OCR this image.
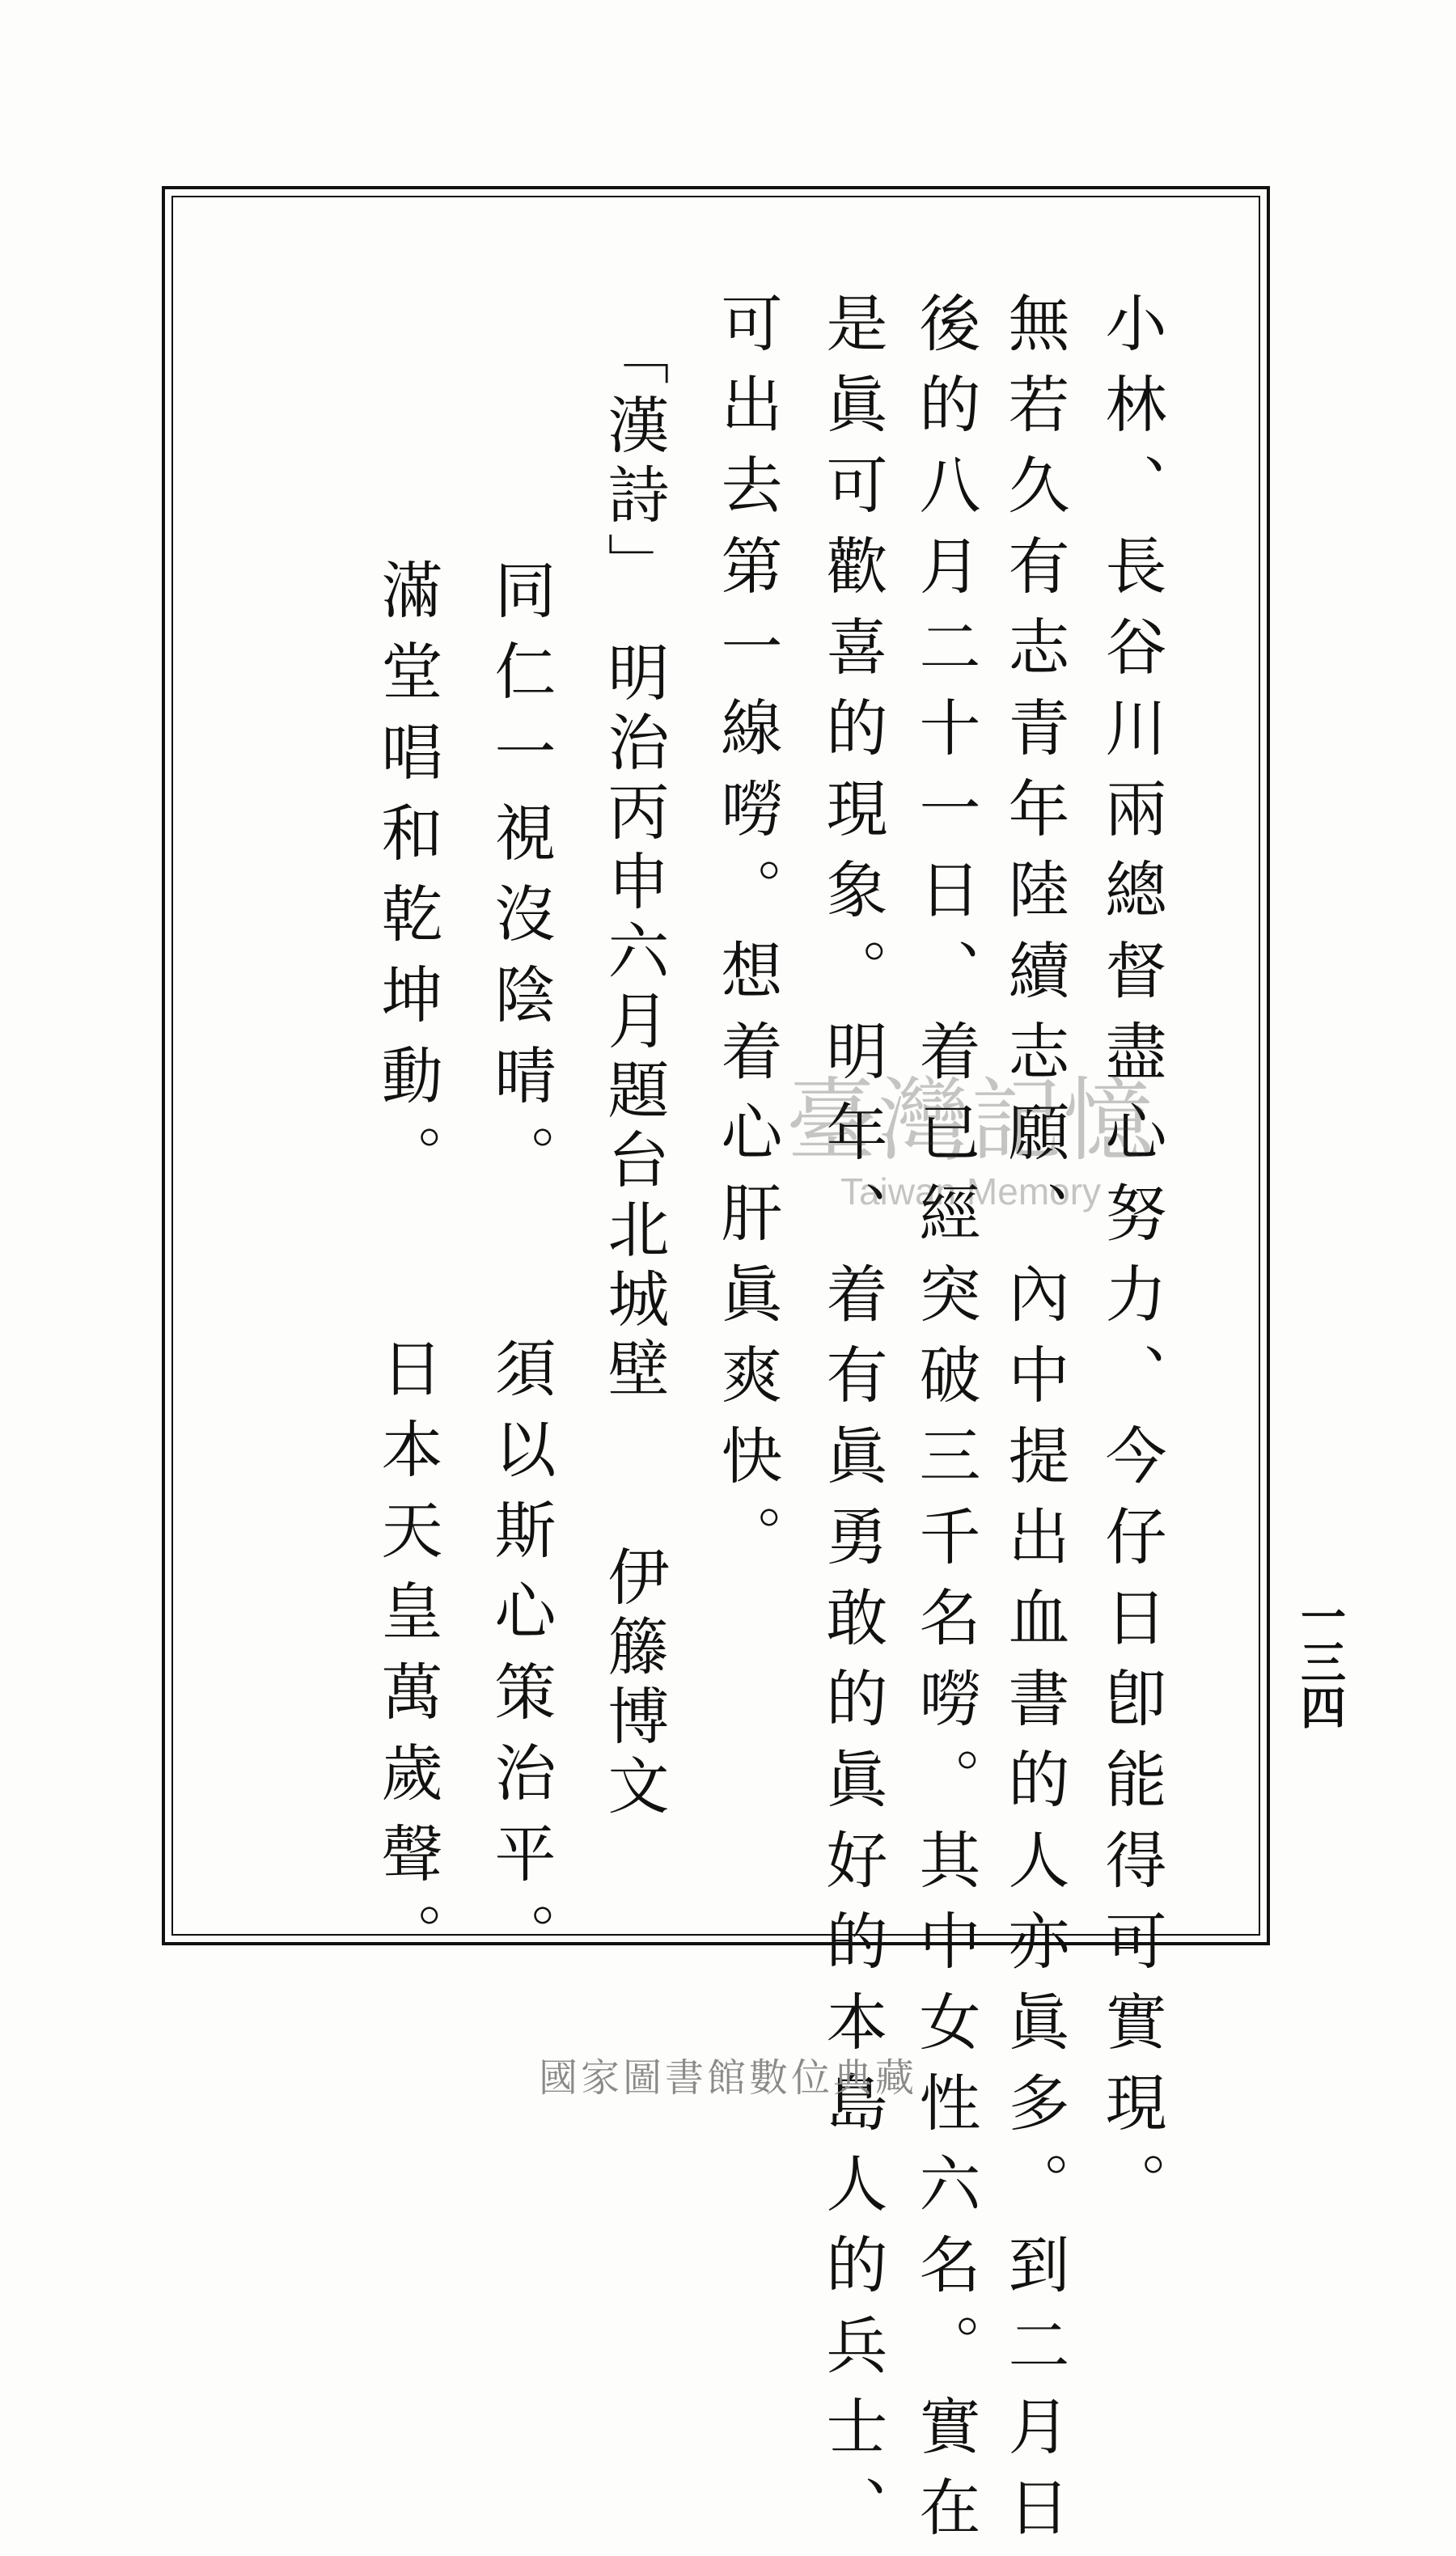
一三四
小林、長谷川兩總督盡心努力、今仔日卽能得可實現。
無若久有志青年陸續志願、內中提出血書的人亦眞多。到二月日
後的八月二十一日、着已經突破三千名嘮。其中女性六名。實在
是眞可歡喜的現象。明年、着有眞勇敢的眞好的本島人的兵士、
可出去第一線嘮。想着心肝眞爽快。
「漢詩」　明治丙申六月題台北城壁　　伊籐博文
同仁一視沒陰晴。　　須以斯心策治平。
滿堂唱和乾坤動。　　日本天皇萬歲聲。	臺灣記憶
Taiwan Memory
國家圖書館數位典藏
